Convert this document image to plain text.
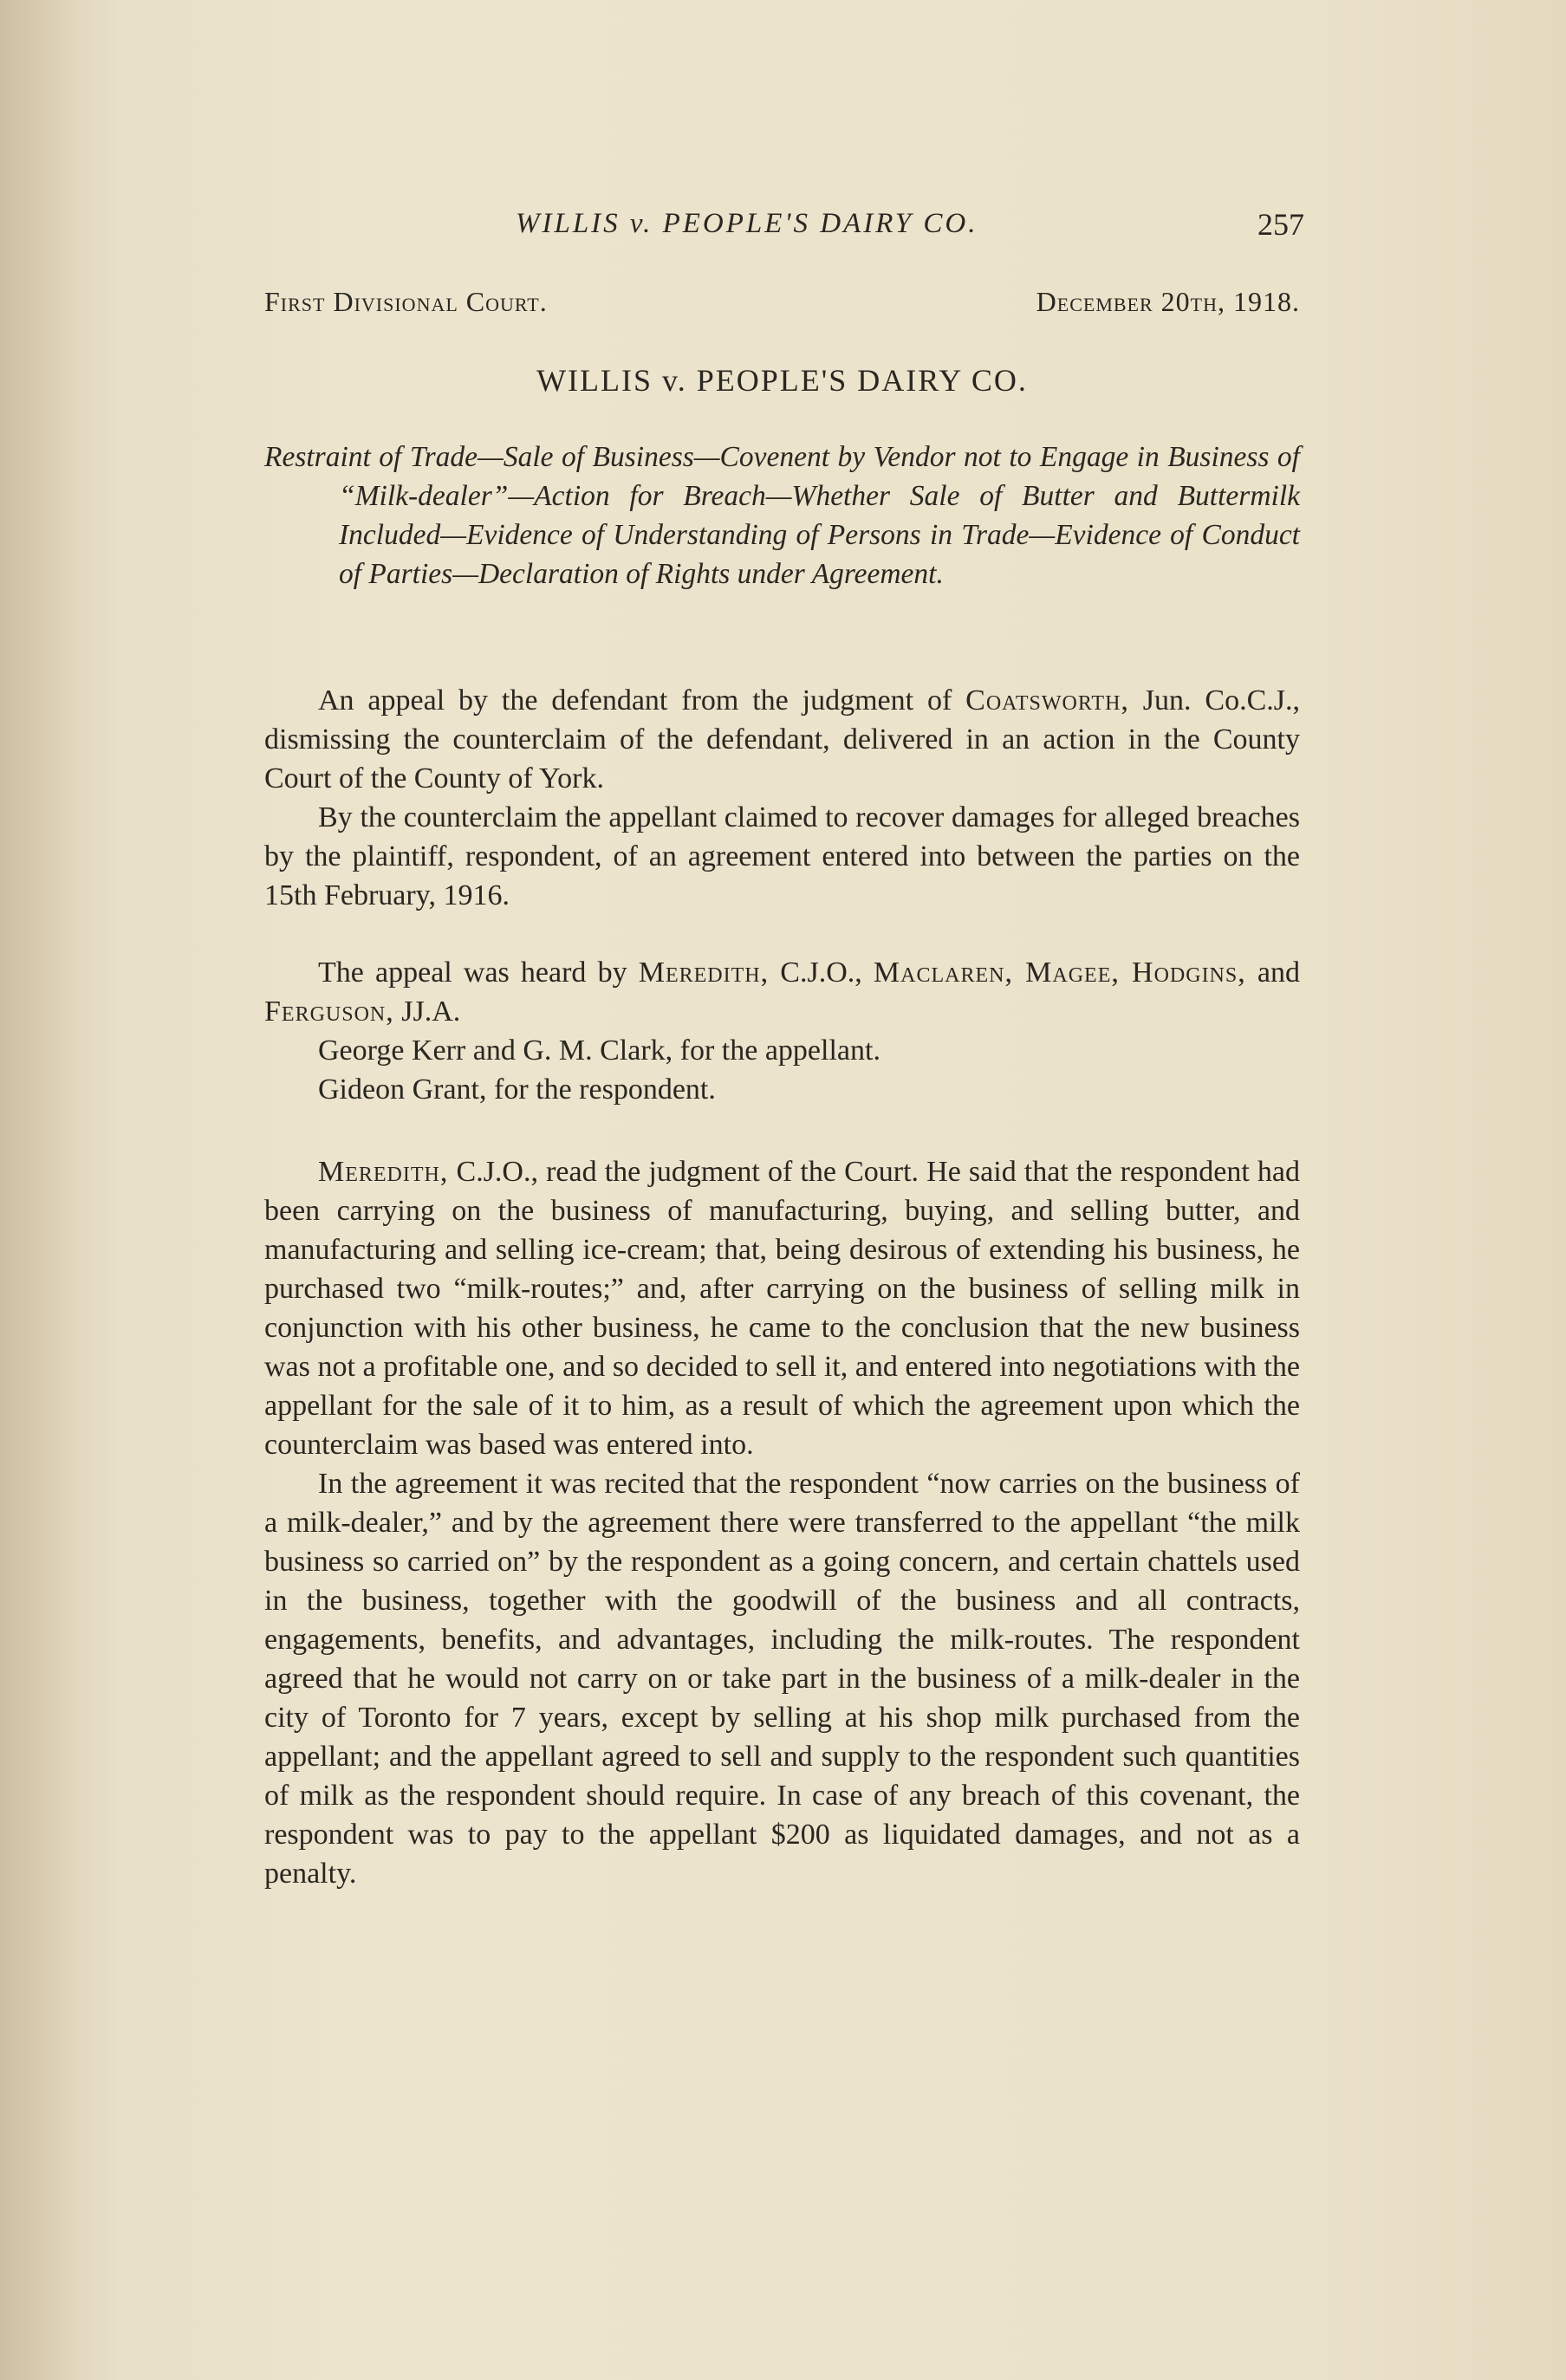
WILLIS v. PEOPLE'S DAIRY CO.	257
First Divisional Court.	December 20th, 1918.
WILLIS v. PEOPLE'S DAIRY CO.
Restraint of Trade—Sale of Business—Covenent by Vendor not to Engage in Business of “Milk-dealer”—Action for Breach—Whether Sale of Butter and Buttermilk Included—Evidence of Understanding of Persons in Trade—Evidence of Conduct of Parties—Declaration of Rights under Agreement.

An appeal by the defendant from the judgment of Coatsworth, Jun. Co.C.J., dismissing the counterclaim of the defendant, delivered in an action in the County Court of the County of York.

By the counterclaim the appellant claimed to recover damages for alleged breaches by the plaintiff, respondent, of an agreement entered into between the parties on the 15th February, 1916.

The appeal was heard by Meredith, C.J.O., Maclaren, Magee, Hodgins, and Ferguson, JJ.A.

George Kerr and G. M. Clark, for the appellant.

Gideon Grant, for the respondent.

Meredith, C.J.O., read the judgment of the Court. He said that the respondent had been carrying on the business of manufacturing, buying, and selling butter, and manufacturing and selling ice-cream; that, being desirous of extending his business, he purchased two “milk-routes;” and, after carrying on the business of selling milk in conjunction with his other business, he came to the conclusion that the new business was not a profitable one, and so decided to sell it, and entered into negotiations with the appellant for the sale of it to him, as a result of which the agreement upon which the counterclaim was based was entered into.

In the agreement it was recited that the respondent “now carries on the business of a milk-dealer,” and by the agreement there were transferred to the appellant “the milk business so carried on” by the respondent as a going concern, and certain chattels used in the business, together with the goodwill of the business and all contracts, engagements, benefits, and advantages, including the milk-routes. The respondent agreed that he would not carry on or take part in the business of a milk-dealer in the city of Toronto for 7 years, except by selling at his shop milk purchased from the appellant; and the appellant agreed to sell and supply to the respondent such quantities of milk as the respondent should require. In case of any breach of this covenant, the respondent was to pay to the appellant $200 as liquidated damages, and not as a penalty.
